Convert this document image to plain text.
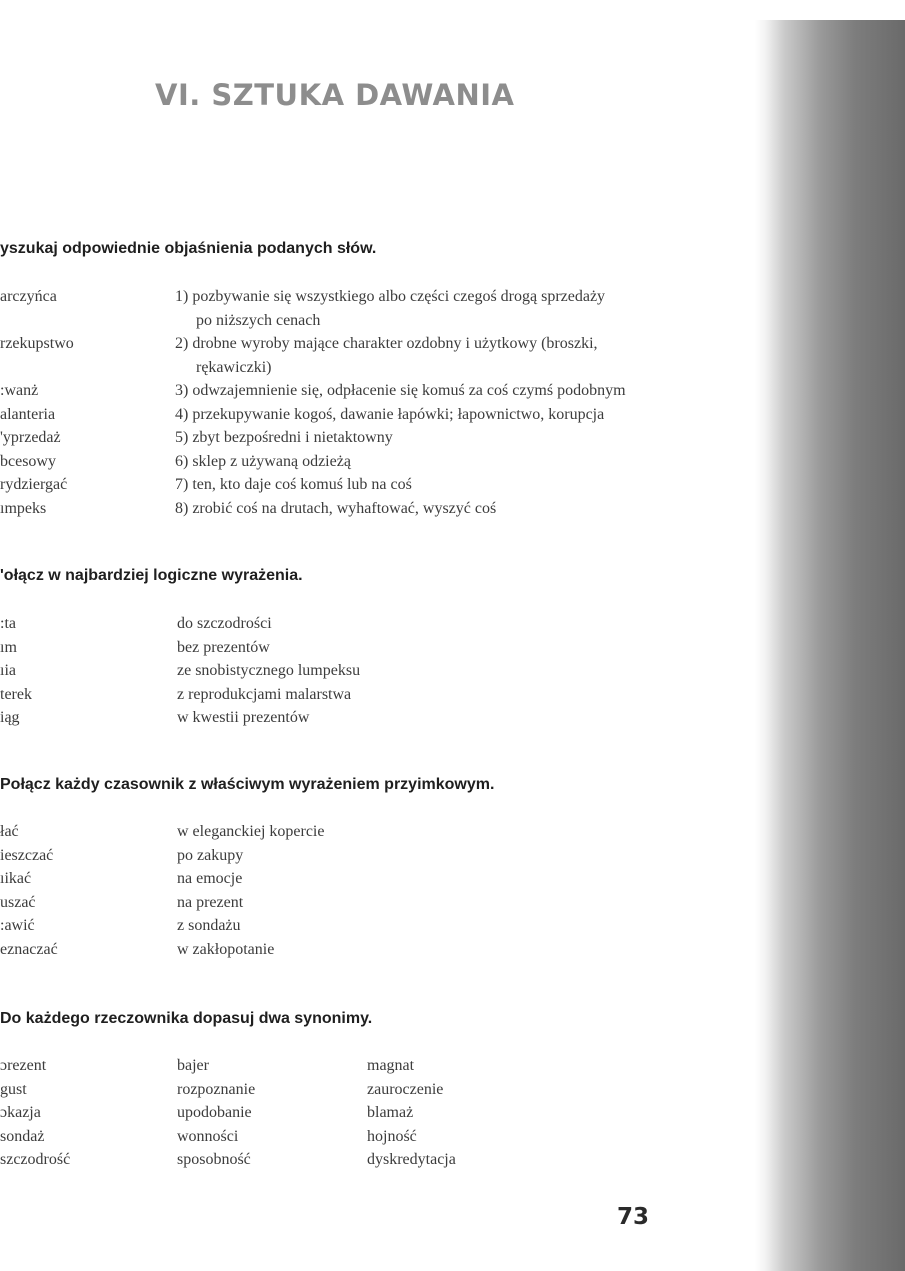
VI. SZTUKA DAWANIA
yszukaj odpowiednie objaśnienia podanych słów.
arczyńca
rzekupstwo
:wanż
alanteria
'yprzedaż
bcesowy
rydziergać
ımpeks
1) pozbywanie się wszystkiego albo części czegoś drogą sprzedaży
po niższych cenach
2) drobne wyroby mające charakter ozdobny i użytkowy (broszki,
rękawiczki)
3) odwzajemnienie się, odpłacenie się komuś za coś czymś podobnym
4) przekupywanie kogoś, dawanie łapówki; łapownictwo, korupcja
5) zbyt bezpośredni i nietaktowny
6) sklep z używaną odzieżą
7) ten, kto daje coś komuś lub na coś
8) zrobić coś na drutach, wyhaftować, wyszyć coś
'ołącz w najbardziej logiczne wyrażenia.
:ta
ım
ıia
terek
iąg
do szczodrości
bez prezentów
ze snobistycznego lumpeksu
z reprodukcjami malarstwa
w kwestii prezentów
Połącz każdy czasownik z właściwym wyrażeniem przyimkowym.
łać
ieszczać
ıikać
uszać
:awić
eznaczać
w eleganckiej kopercie
po zakupy
na emocje
na prezent
z sondażu
w zakłopotanie
Do każdego rzeczownika dopasuj dwa synonimy.
ɔrezent
gust
ɔkazja
sondaż
szczodrość
bajer
rozpoznanie
upodobanie
wonności
sposobność
magnat
zauroczenie
blamaż
hojność
dyskredytacja
73
